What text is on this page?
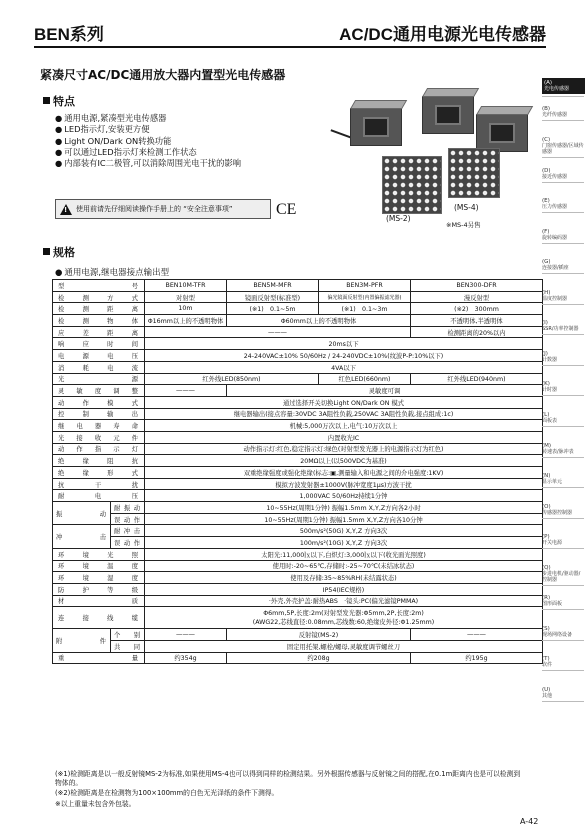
BEN系列	AC/DC通用电源光电传感器
紧凑尺寸AC/DC通用放大器内置型光电传感器
特点
● 通用电源,紧凑型光电传感器
● LED指示灯,安装更方便
● Light ON/Dark ON转换功能
● 可以通过LED指示灯来检测工作状态
● 内部装有IC二极管,可以消除周围光电干扰的影响
!
使用前请先仔细阅读操作手册上的 “安全注意事项”	CE
(MS-2)
(MS-4)
※MS-4另售
规格
● 通用电源,继电器接点输出型
型号		BEN10M-TFR	BEN5M-MFR	BEN3M-PFR	BEN300-DFR
检测方式		对射型	镜面反射型(标准型)	偏光镜面反射型(内置偏振滤光器)	漫反射型
检测距离		10m	(※1)　0.1~5m	(※1)　0.1~3m	(※2)　300mm
检测物体		Φ16mm以上的不透明物体	Φ60mm以上的不透明物体		不透明体,半透明体
应差距离		———			检测距离的20%以内
响应时间		20ms以下			
电源电压		24-240VAC±10% 50/60Hz / 24-240VDC±10%(纹波P-P:10%以下)			
消耗电流		4VA以下			
光源		红外线LED(850nm)		红色LED(660nm)	红外线LED(940nm)
灵敏度调整		———	灵敏度可调		
动作模式		通过选择开关切换Light ON/Dark ON 模式			
控制输出		继电器输出(接点容量:30VDC 3A阻性负载,250VAC 3A阻性负载,接点组成:1c)			
继电器寿命		机械:5,000万次以上,电气:10万次以上			
光接收元件		内置收光IC			
动作指示灯		动作指示灯:红色,稳定指示灯:绿色(对射型发光器上的电源指示灯为红色)			
绝缘阻抗		20MΩ以上(以500VDC为基准)			
绝缘形式		双重绝缘强度或强化绝缘(标志:▣,测量输入和电源之间的介电强度:1KV)			
抗干扰		模拟方波发射器±1000V(脉冲宽度1μs)方波干扰			
耐电压		1,000VAC 50/60Hz持续1分钟			
振动	耐振动	10~55Hz(周期1分钟) 振幅1.5mm X,Y,Z方向各2小时			
	误动作	10~55Hz(周期1分钟) 振幅1.5mm X,Y,Z方向各10分钟			
冲击	耐冲击	500m/s²(50G) X,Y,Z 方向3次			
	误动作	100m/s²(10G) X,Y,Z 方向3次			
环境光照		太阳光:11,000㏓以下,白炽灯:3,000㏓以下(收光面光照度)			
环境温度		使用时:-20~65℃,存储时:-25~70℃(未结冰状态)			
环境湿度		使用及存储:35~85%RH(未结露状态)			
防护等级		IP54(IEC规格)			
材质		·外壳,外壳护盖:耐热ABS　·镜头:PC(偏光滤镜PMMA)			
连接线缆		Φ6mm,5P,长度:2m(对射型发光器:Φ5mm,2P,长度:2m)
(AWG22,芯线直径:0.08mm,芯线数:60,绝缘皮外径:Φ1.25mm)			

附件	个别	———	反射镜(MS-2)		———
	共同	固定用托架,螺栓/螺母,灵敏度调节螺丝刀			
重量		约354g	约208g		约195g
(※1)检测距离是以一般反射镜MS-2为标准,如果使用MS-4也可以得到同样的检测结果。另外根据传感器与反射镜之间的搭配,在0.1m距离内也是可以检测到物体的。
(※2)检测距离是在检测物为100×100mm的白色无光泽纸的条件下测得。
※以上重量未包含外包装。
A-42
(A)
光电传感器
(B)
光纤传感器
(C)
门窗传感器/区域传感器
(D)
接近传感器
(E)
压力传感器
(F)
旋转编码器
(G)
连接器/插座
(H)
温度控制器
(I)
SSR/功率控制器
(J)
计数器
(K)
计时器
(L)
面板表
(M)
转速表/脉冲表
(N)
显示单元
(O)
传感器控制器
(P)
开关电源
(Q)
步进电机/驱动器/控制器
(R)
图形面板
(S)
现场网络设备
(T)
软件
(U)
其他
